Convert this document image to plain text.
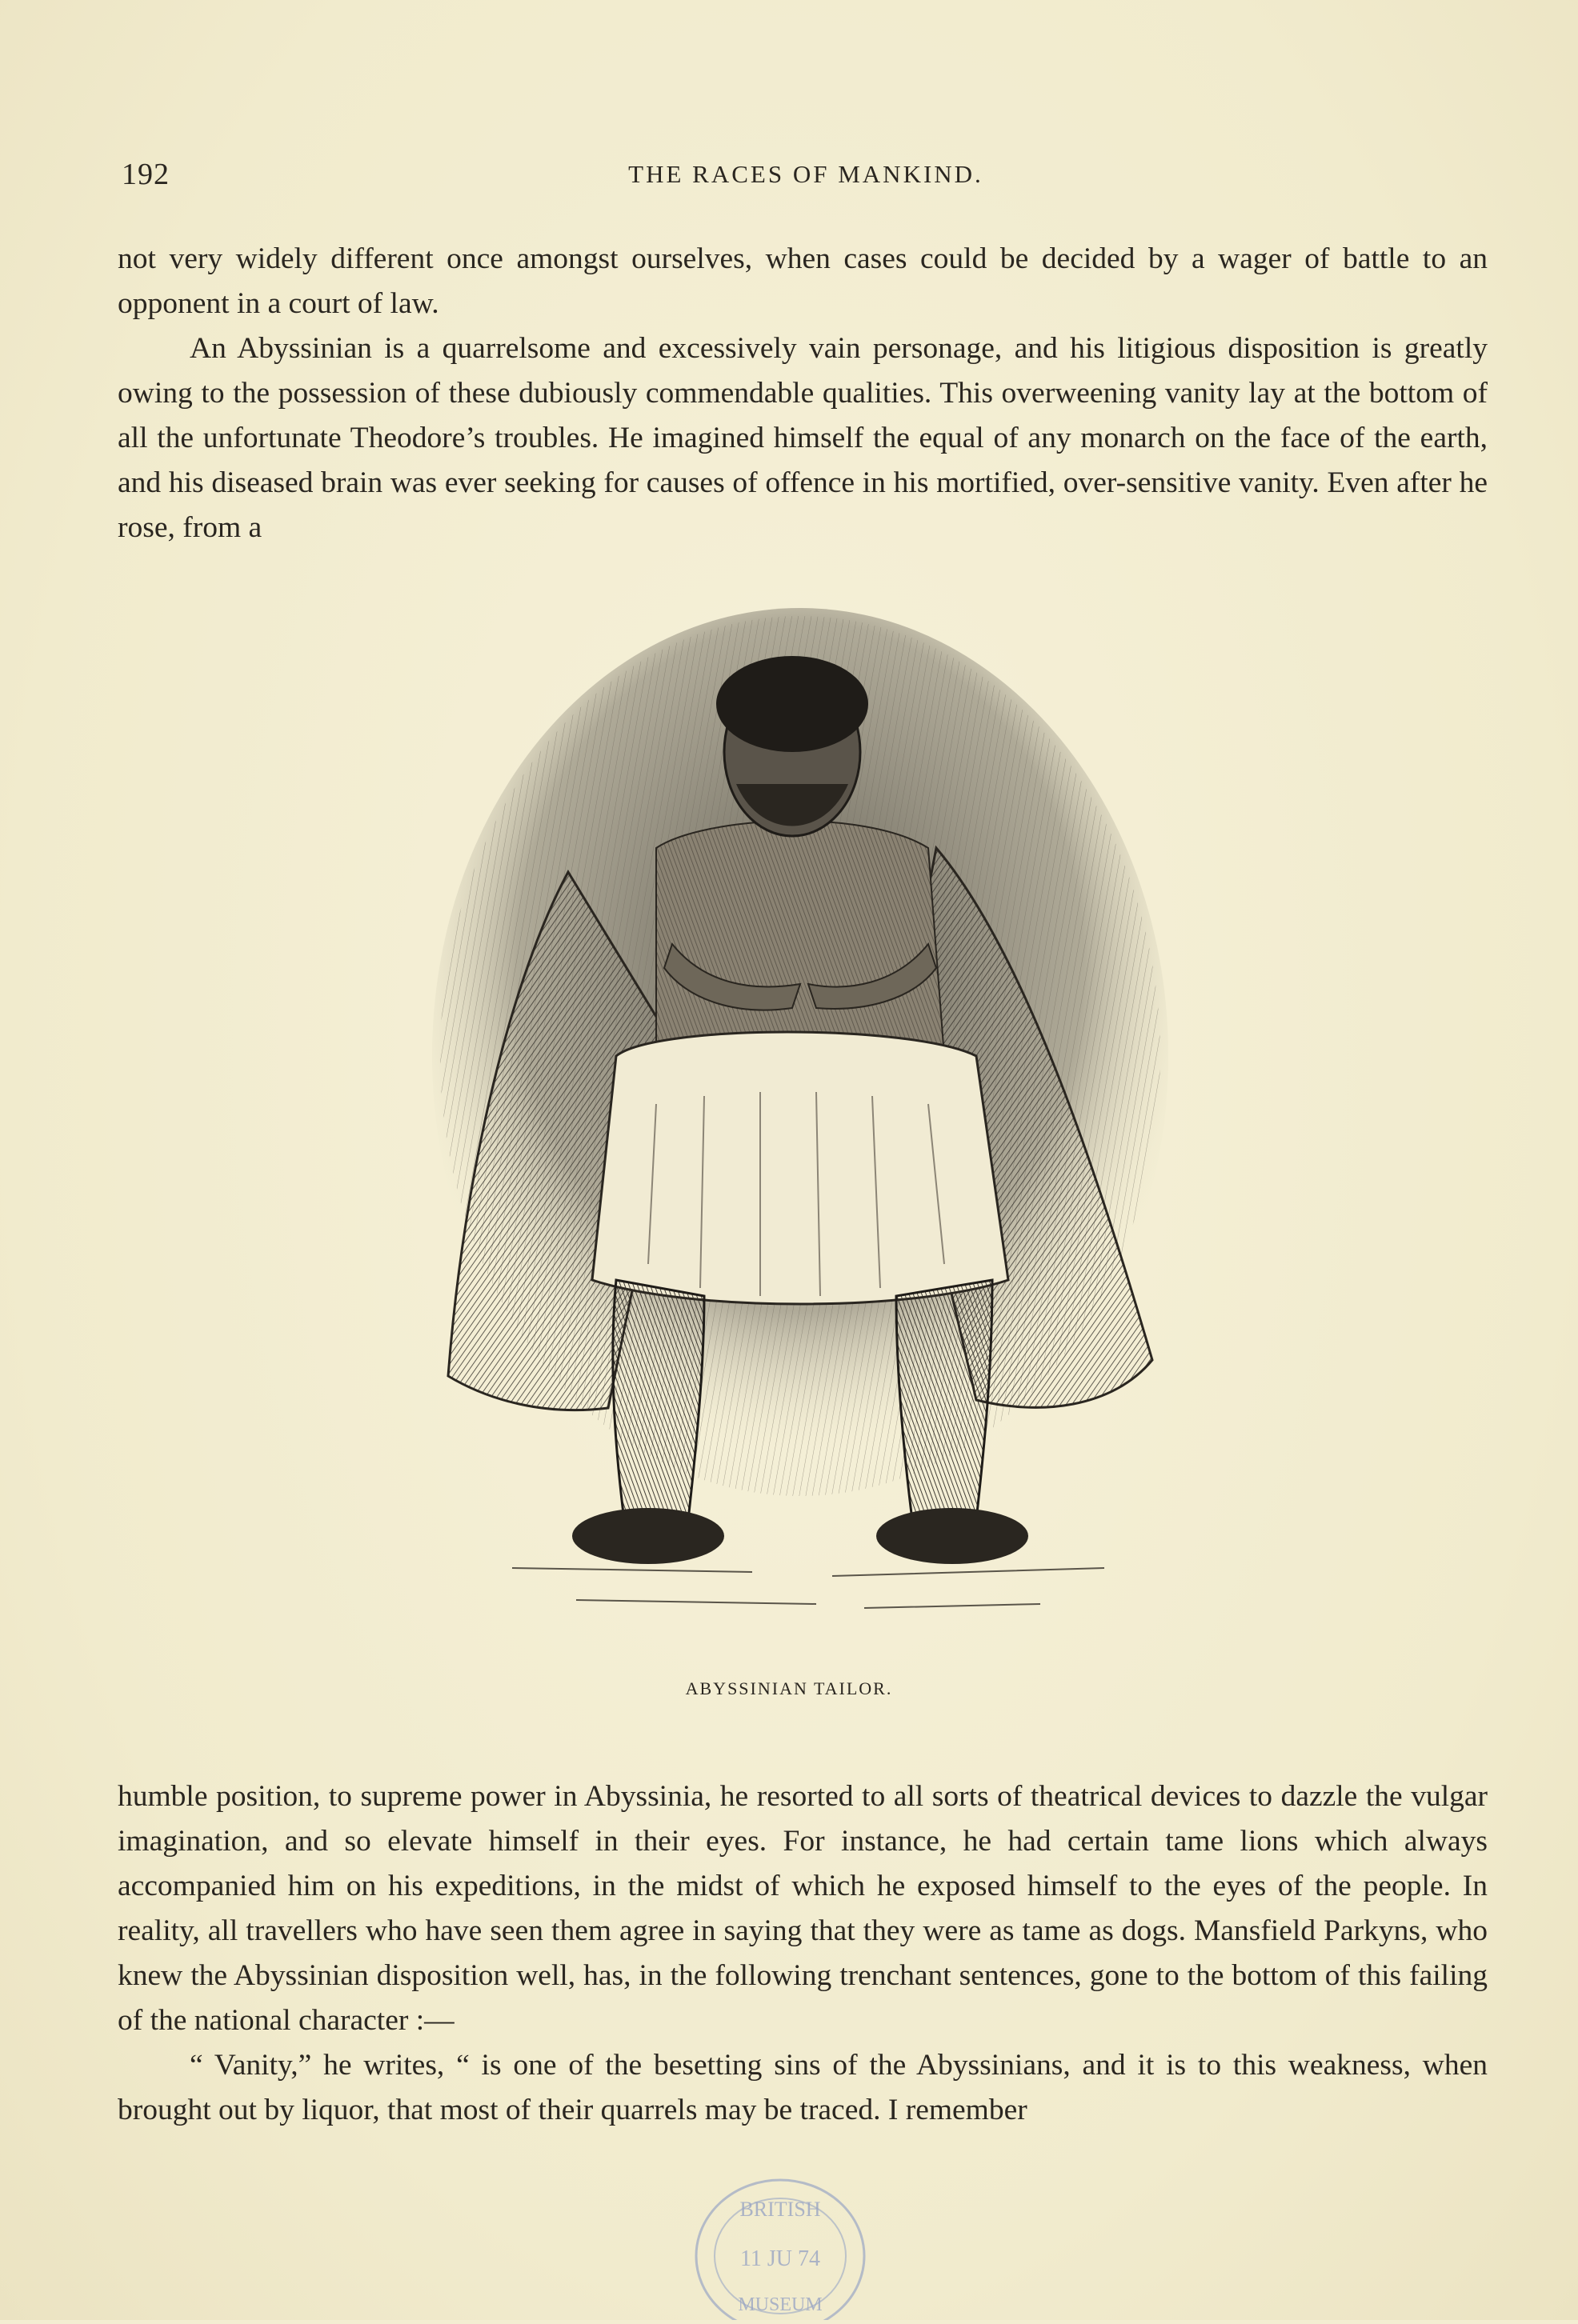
192	THE RACES OF MANKIND.

not very widely different once amongst ourselves, when cases could be decided by a wager of battle to an opponent in a court of law.

An Abyssinian is a quarrelsome and excessively vain personage, and his litigious disposition is greatly owing to the possession of these dubiously commendable qualities. This overweening vanity lay at the bottom of all the unfortunate Theodore’s troubles. He imagined himself the equal of any monarch on the face of the earth, and his diseased brain was ever seeking for causes of offence in his mortified, over-sensitive vanity. Even after he rose, from a

ABYSSINIAN TAILOR.

humble position, to supreme power in Abyssinia, he resorted to all sorts of theatrical devices to dazzle the vulgar imagination, and so elevate himself in their eyes. For instance, he had certain tame lions which always accompanied him on his expeditions, in the midst of which he exposed himself to the eyes of the people. In reality, all travellers who have seen them agree in saying that they were as tame as dogs. Mansfield Parkyns, who knew the Abyssinian disposition well, has, in the following trenchant sentences, gone to the bottom of this failing of the national character :—

“ Vanity,” he writes, “ is one of the besetting sins of the Abyssinians, and it is to this weakness, when brought out by liquor, that most of their quarrels may be traced. I remember

BRITISH
11 JU 74
MUSEUM
